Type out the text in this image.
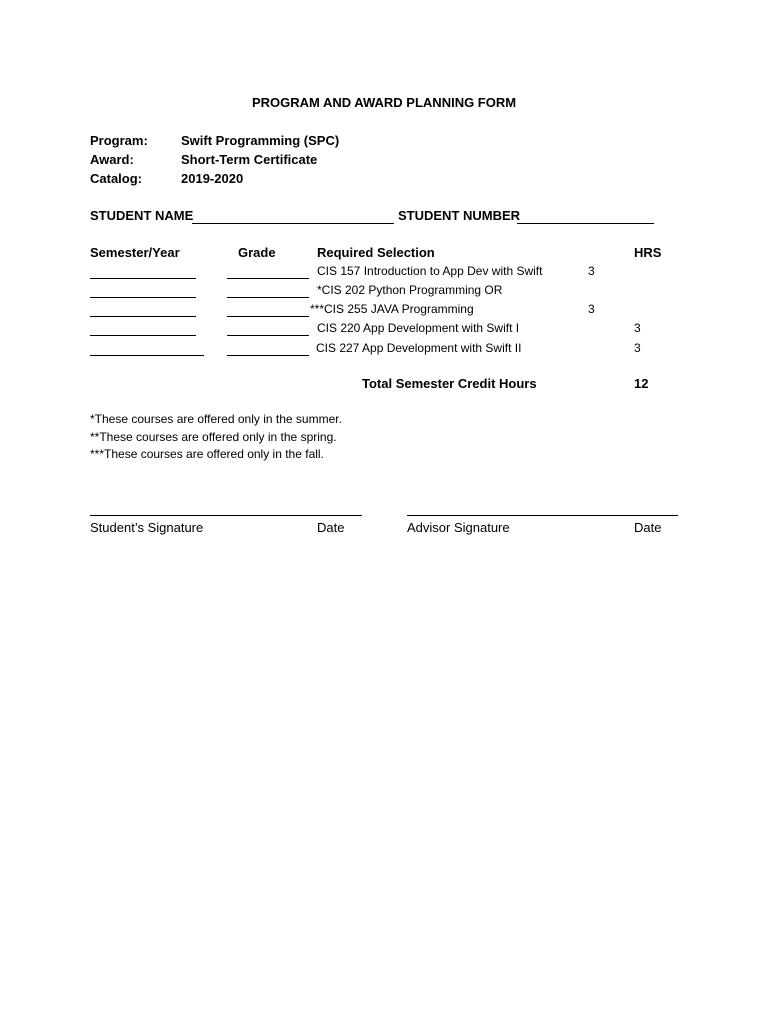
PROGRAM AND AWARD PLANNING FORM
Program:	Swift Programming (SPC)
Award:	Short-Term Certificate
Catalog:	2019-2020
STUDENT NAME	STUDENT NUMBER
Semester/Year	Grade	Required Selection	HRS
CIS 157 Introduction to App Dev with Swift	3
*CIS 202 Python Programming OR
***CIS 255 JAVA Programming	3
CIS 220 App Development with Swift I	3
CIS 227 App Development with Swift II	3
Total Semester Credit Hours	12
*These courses are offered only in the summer.
**These courses are offered only in the spring.
***These courses are offered only in the fall.
Student’s Signature	Date	Advisor Signature	Date
